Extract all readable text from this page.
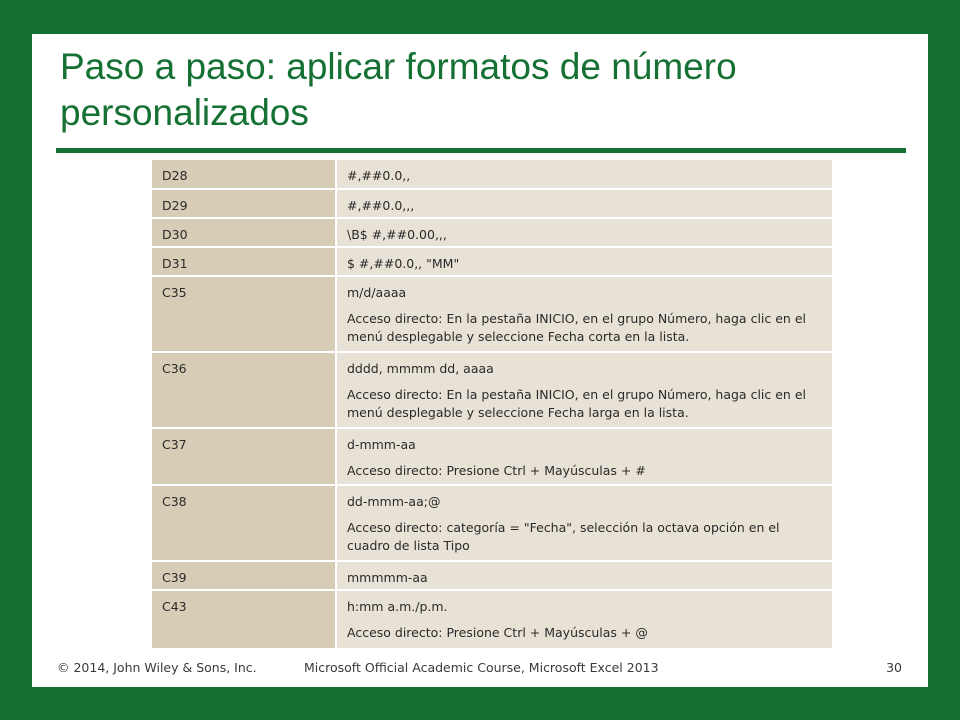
Paso a paso: aplicar formatos de número personalizados
D28	#,##0.0,,

D29	#,##0.0,,,

D30	\B$ #,##0.00,,,

D31	$ #,##0.0,, "MM"

C35	m/d/aaaa
Acceso directo: En la pestaña INICIO, en el grupo Número, haga clic en el menú desplegable y seleccione Fecha corta en la lista.

C36	dddd, mmmm dd, aaaa
Acceso directo: En la pestaña INICIO, en el grupo Número, haga clic en el menú desplegable y seleccione Fecha larga en la lista.

C37	d-mmm-aa
Acceso directo: Presione Ctrl + Mayúsculas + #

C38	dd-mmm-aa;@
Acceso directo: categoría = "Fecha", selección la octava opción en el cuadro de lista Tipo

C39	mmmmm-aa

C43	h:mm a.m./p.m.
Acceso directo: Presione Ctrl + Mayúsculas + @
© 2014, John Wiley & Sons, Inc.	Microsoft Official Academic Course, Microsoft Excel 2013	30
